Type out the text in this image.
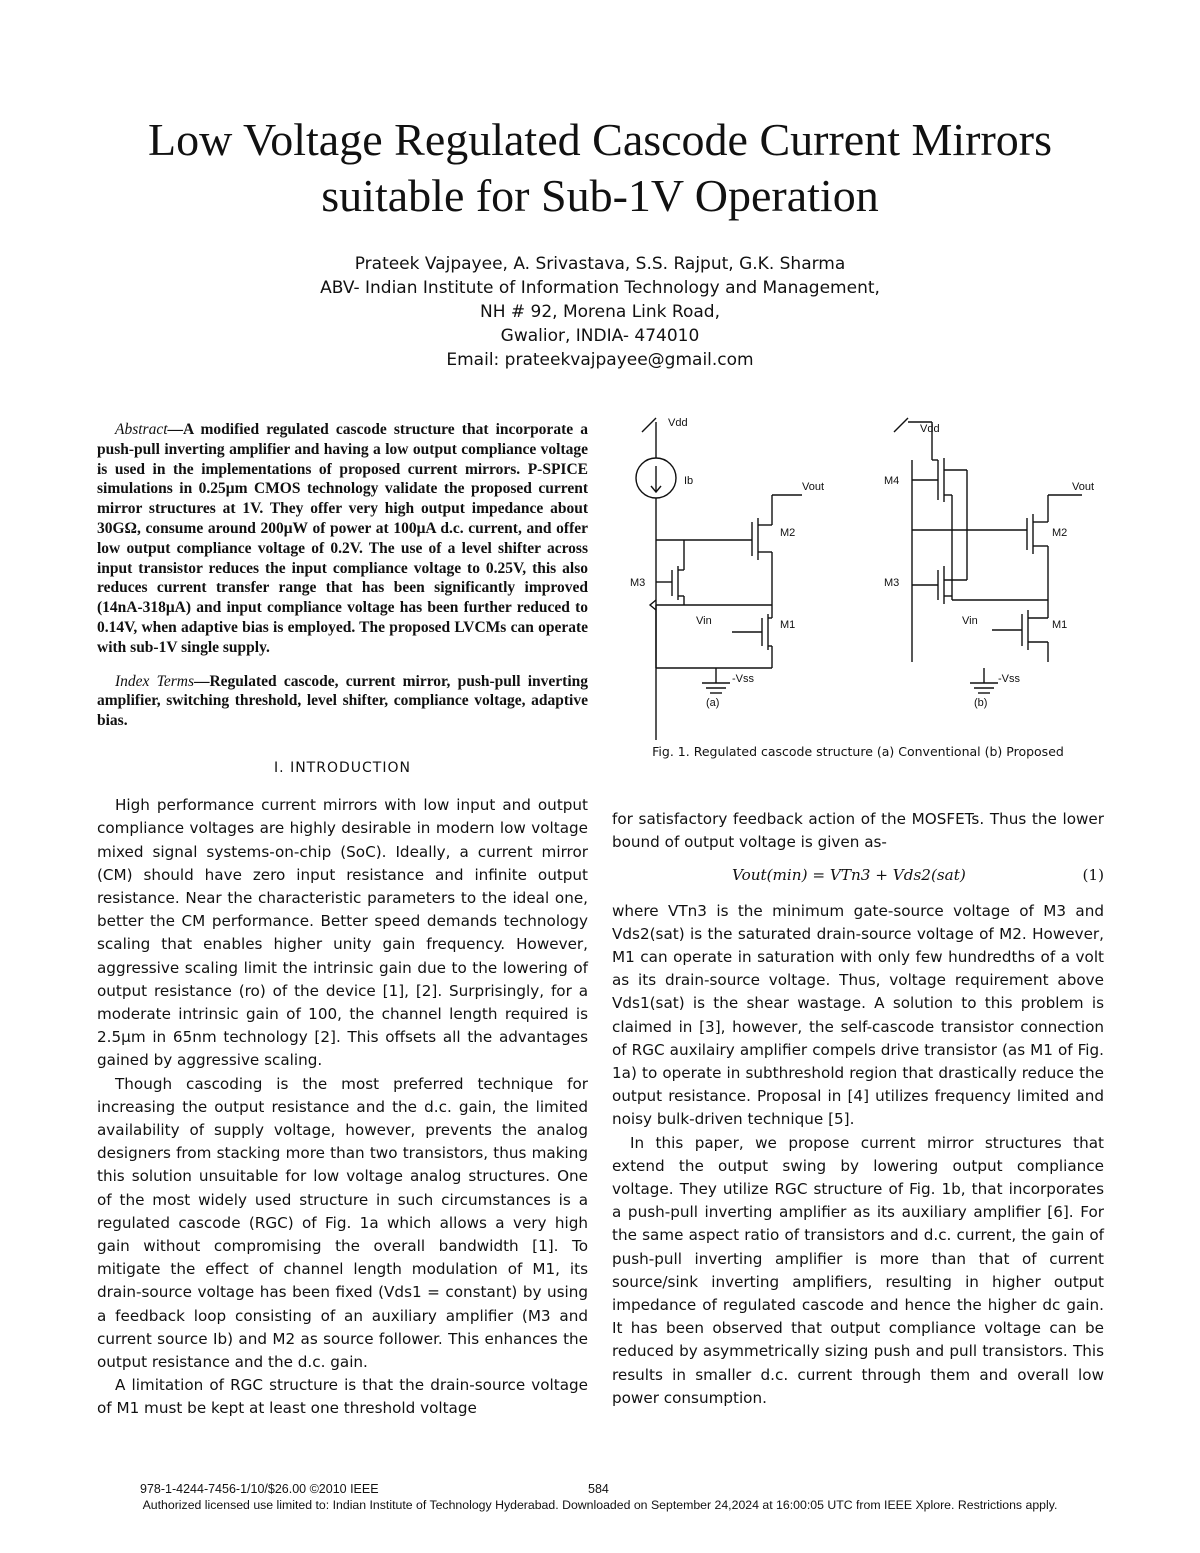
Low Voltage Regulated Cascode Current Mirrors
suitable for Sub-1V Operation
Prateek Vajpayee, A. Srivastava, S.S. Rajput, G.K. Sharma
ABV- Indian Institute of Information Technology and Management,
NH # 92, Morena Link Road,
Gwalior, INDIA- 474010
Email: prateekvajpayee@gmail.com

Abstract—A modified regulated cascode structure that incorporate a push-pull inverting amplifier and having a low output compliance voltage is used in the implementations of proposed current mirrors. P-SPICE simulations in 0.25μm CMOS technology validate the proposed current mirror structures at 1V. They offer very high output impedance about 30GΩ, consume around 200μW of power at 100μA d.c. current, and offer low output compliance voltage of 0.2V. The use of a level shifter across input transistor reduces the input compliance voltage to 0.25V, this also reduces current transfer range that has been significantly improved (14nA-318μA) and input compliance voltage has been further reduced to 0.14V, when adaptive bias is employed. The proposed LVCMs can operate with sub-1V single supply.

Index Terms—Regulated cascode, current mirror, push-pull inverting amplifier, switching threshold, level shifter, compliance voltage, adaptive bias.

I. INTRODUCTION

High performance current mirrors with low input and output compliance voltages are highly desirable in modern low voltage mixed signal systems-on-chip (SoC). Ideally, a current mirror (CM) should have zero input resistance and infinite output resistance. Near the characteristic parameters to the ideal one, better the CM performance. Better speed demands technology scaling that enables higher unity gain frequency. However, aggressive scaling limit the intrinsic gain due to the lowering of output resistance (ro) of the device [1], [2]. Surprisingly, for a moderate intrinsic gain of 100, the channel length required is 2.5μm in 65nm technology [2]. This offsets all the advantages gained by aggressive scaling.

Though cascoding is the most preferred technique for increasing the output resistance and the d.c. gain, the limited availability of supply voltage, however, prevents the analog designers from stacking more than two transistors, thus making this solution unsuitable for low voltage analog structures. One of the most widely used structure in such circumstances is a regulated cascode (RGC) of Fig. 1a which allows a very high gain without compromising the overall bandwidth [1]. To mitigate the effect of channel length modulation of M1, its drain-source voltage has been fixed (Vds1 = constant) by using a feedback loop consisting of an auxiliary amplifier (M3 and current source Ib) and M2 as source follower. This enhances the output resistance and the d.c. gain.

A limitation of RGC structure is that the drain-source voltage of M1 must be kept at least one threshold voltage

Vdd
Ib	Vout
M2
M3
Vin	M1
-Vss
(a)
Vdd
M4	Vout
M2
M3
Vin	M1
-Vss
(b)
Fig. 1. Regulated cascode structure (a) Conventional (b) Proposed

for satisfactory feedback action of the MOSFETs. Thus the lower bound of output voltage is given as-

Vout(min) = VTn3 + Vds2(sat)	(1)

where VTn3 is the minimum gate-source voltage of M3 and Vds2(sat) is the saturated drain-source voltage of M2. However, M1 can operate in saturation with only few hundredths of a volt as its drain-source voltage. Thus, voltage requirement above Vds1(sat) is the shear wastage. A solution to this problem is claimed in [3], however, the self-cascode transistor connection of RGC auxilairy amplifier compels drive transistor (as M1 of Fig. 1a) to operate in subthreshold region that drastically reduce the output resistance. Proposal in [4] utilizes frequency limited and noisy bulk-driven technique [5].

In this paper, we propose current mirror structures that extend the output swing by lowering output compliance voltage. They utilize RGC structure of Fig. 1b, that incorporates a push-pull inverting amplifier as its auxiliary amplifier [6]. For the same aspect ratio of transistors and d.c. current, the gain of push-pull inverting amplifier is more than that of current source/sink inverting amplifiers, resulting in higher output impedance of regulated cascode and hence the higher dc gain. It has been observed that output compliance voltage can be reduced by asymmetrically sizing push and pull transistors. This results in smaller d.c. current through them and overall low power consumption.

978-1-4244-7456-1/10/$26.00 ©2010 IEEE	584
Authorized licensed use limited to: Indian Institute of Technology Hyderabad. Downloaded on September 24,2024 at 16:00:05 UTC from IEEE Xplore. Restrictions apply.
